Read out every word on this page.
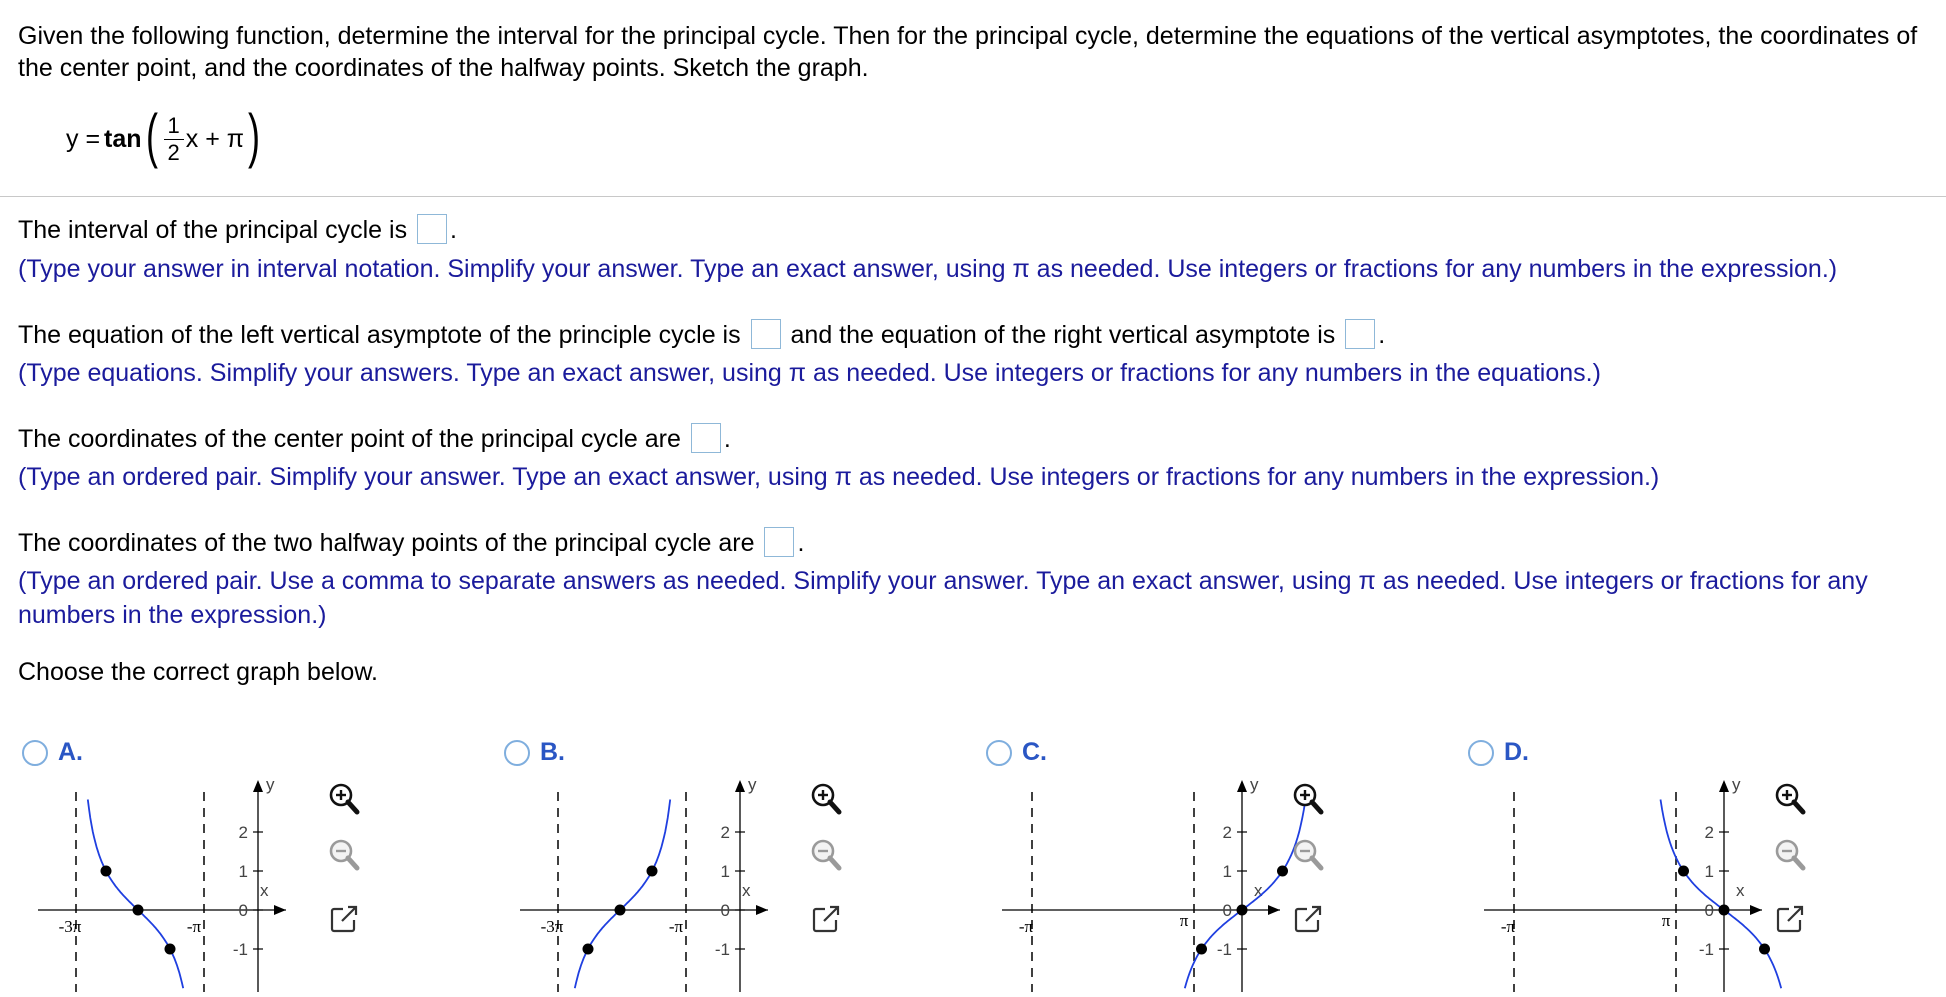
Given the following function, determine the interval for the principal cycle. Then for the principal cycle, determine the equations of the vertical asymptotes, the coordinates of the center point, and the coordinates of the halfway points. Sketch the graph.
y = tan ( $\frac{1}{2}$ x + π )
The interval of the principal cycle is .
(Type your answer in interval notation. Simplify your answer. Type an exact answer, using π as needed. Use integers or fractions for any numbers in the expression.)
The equation of the left vertical asymptote of the principle cycle is and the equation of the right vertical asymptote is .
(Type equations. Simplify your answers. Type an exact answer, using π as needed. Use integers or fractions for any numbers in the equations.)
The coordinates of the center point of the principal cycle are .
(Type an ordered pair. Simplify your answer. Type an exact answer, using π as needed. Use integers or fractions for any numbers in the expression.)
The coordinates of the two halfway points of the principal cycle are .
(Type an ordered pair. Use a comma to separate answers as needed. Simplify your answer. Type an exact answer, using π as needed. Use integers or fractions for any numbers in the expression.)
Choose the correct graph below.
A.
2
1
0
-1
y
x
-3π	-π
B.
2
1
0
-1
y
x
-3π	-π
C.
2
1
0
-1
y
x
-π	π
D.
2
1
0
-1
y
x
-π	π
